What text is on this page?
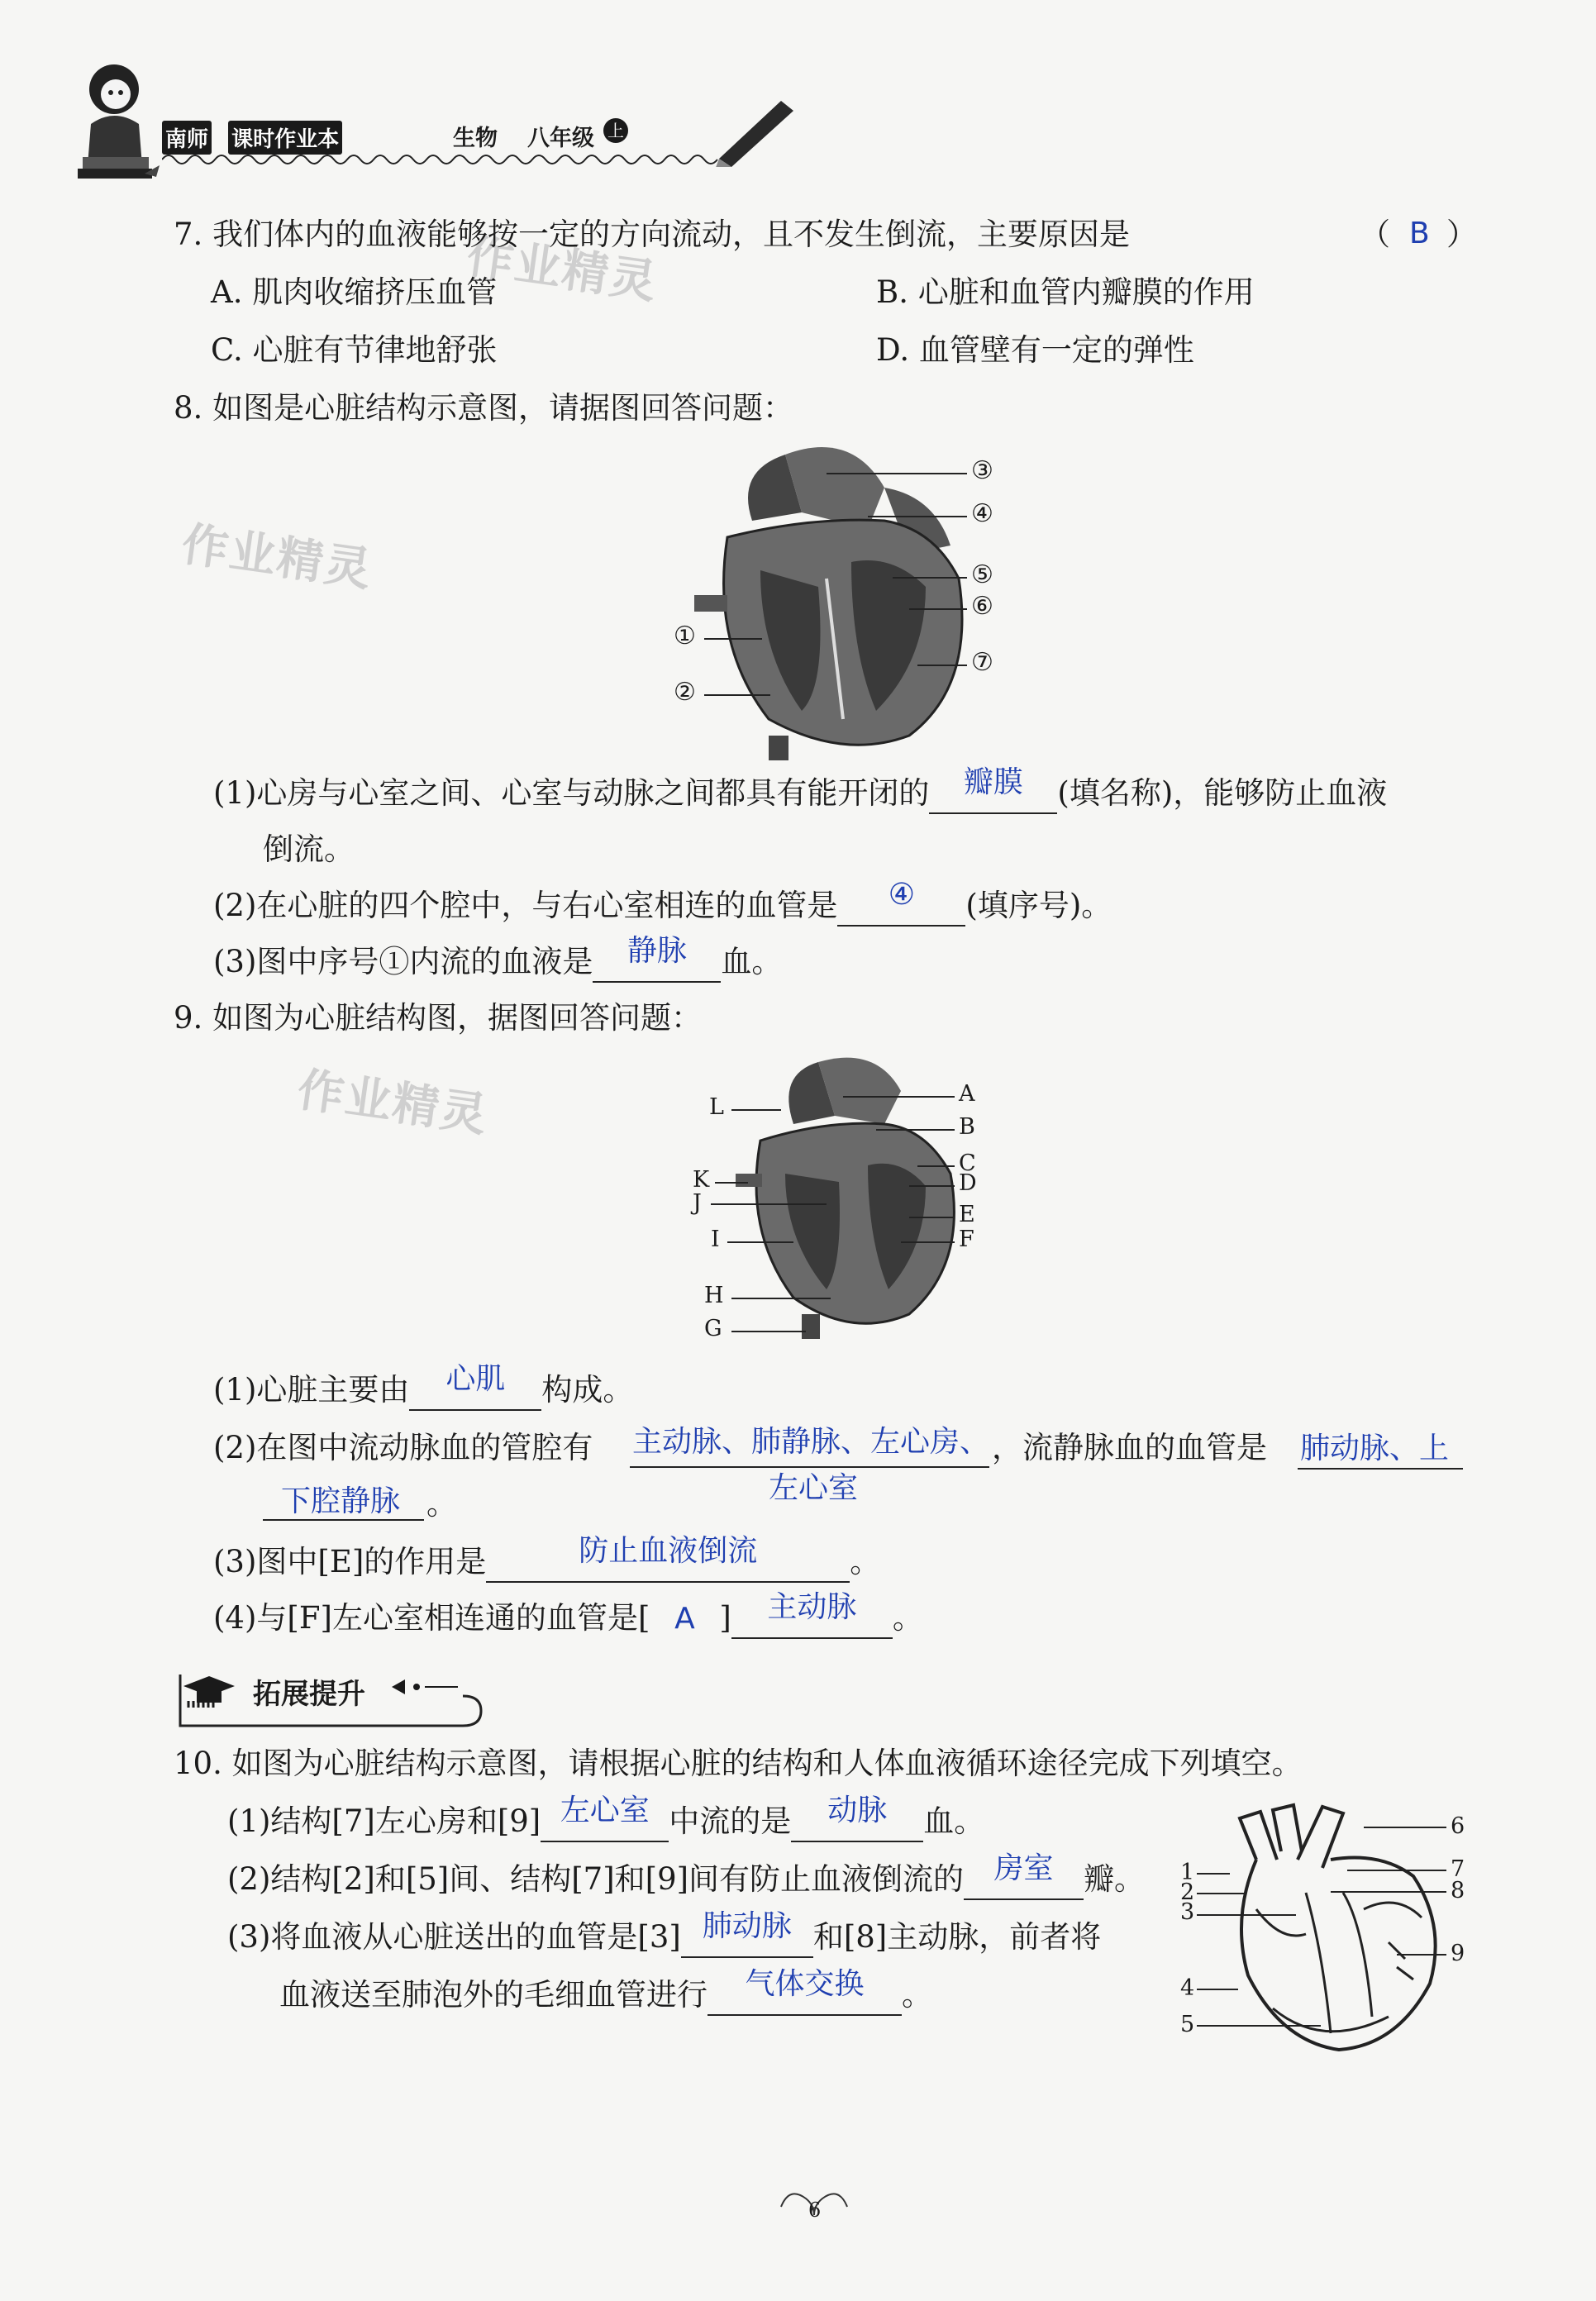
南师 课时作业本	生物 八年级 上
作业精灵
作业精灵
作业精灵
7. 我们体内的血液能够按一定的方向流动，且不发生倒流，主要原因是	（ B ）
A. 肌肉收缩挤压血管	B. 心脏和血管内瓣膜的作用
C. 心脏有节律地舒张	D. 血管壁有一定的弹性
8. 如图是心脏结构示意图，请据图回答问题：
③
④
⑤
⑥
⑦
①
②
(1)心房与心室之间、心室与动脉之间都具有能开闭的 瓣膜 (填名称)，能够防止血液
倒流。
(2)在心脏的四个腔中，与右心室相连的血管是 ④ (填序号)。
(3)图中序号①内流的血液是 静脉 血。
9. 如图为心脏结构图，据图回答问题：
A
B
C
D
E
F
L
K
J
I
H
G
(1)心脏主要由 心肌 构成。
(2)在图中流动脉血的管腔有 主动脉、肺静脉、左心房、
左心室
，流静脉血的血管是 肺动脉、上
下腔静脉 。
(3)图中[E]的作用是	防止血液倒流	。
(4)与[F]左心室相连通的血管是[ A ] 主动脉 。
拓展提升
10. 如图为心脏结构示意图，请根据心脏的结构和人体血液循环途径完成下列填空。
(1)结构[7]左心房和[9] 左心室 中流的是 动脉 血。
(2)结构[2]和[5]间、结构[7]和[9]间有防止血液倒流的 房室 瓣。
(3)将血液从心脏送出的血管是[3] 肺动脉 和[8]主动脉，前者将
血液送至肺泡外的毛细血管进行 气体交换 。
6
7
8
9
1
2
3
4
5
6
